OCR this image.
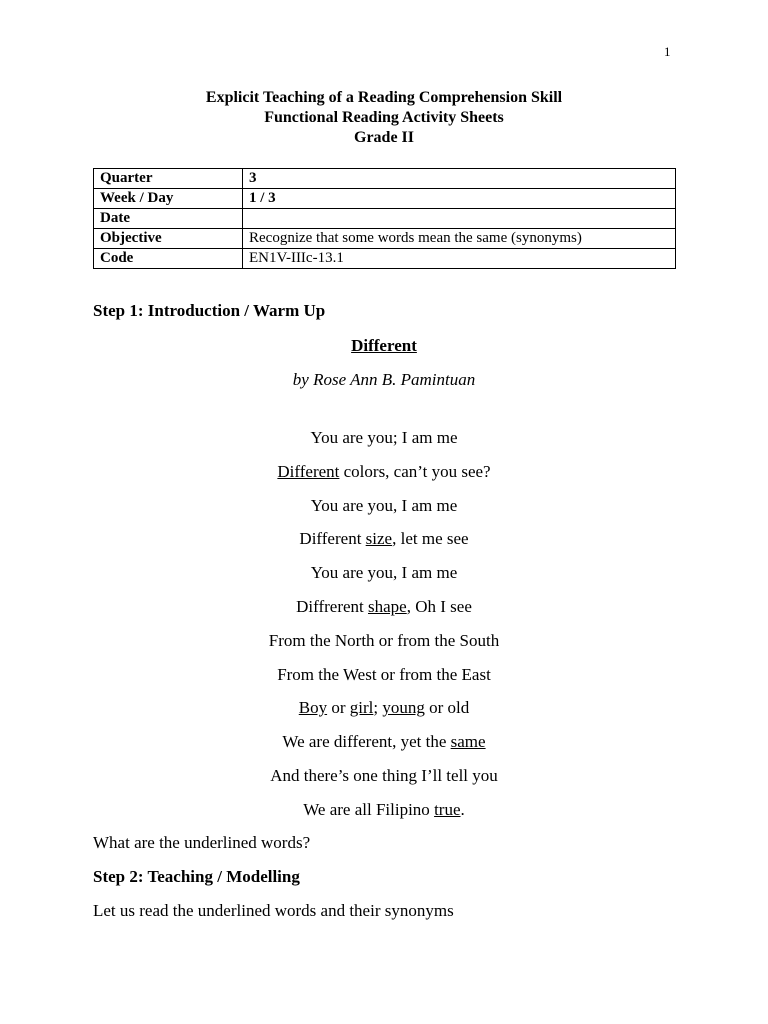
1
Explicit Teaching of a Reading Comprehension Skill
Functional Reading Activity Sheets
Grade II
Quarter	3
Week / Day	1 / 3
Date	
Objective	Recognize that some words mean the same (synonyms)
Code	EN1V-IIIc-13.1
Step 1: Introduction / Warm Up
Different
by Rose Ann B. Pamintuan
You are you; I am me
Different colors, can’t you see?
You are you, I am me
Different size, let me see
You are you, I am me
Diffrerent shape, Oh I see
From the North or from the South
From the West or from the East
Boy or girl; young or old
We are different, yet the same
And there’s one thing I’ll tell you
We are all Filipino true.
What are the underlined words?
Step 2: Teaching / Modelling
Let us read the underlined words and their synonyms
